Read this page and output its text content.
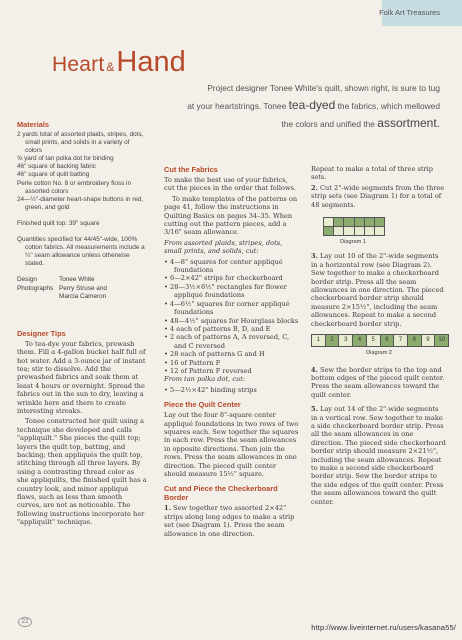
Folk Art Treasures
Heart &Hand
Project designer Tonee White's quilt, shown right, is sure to tug
at your heartstrings. Tonee tea-dyed the fabrics, which mellowed
the colors and unified the assortment.
Materials

2 yards total of assorted plaids, stripes, dots, small prints, and solids in a variety of colors

⅝ yard of tan polka dot for binding

46" square of backing fabric

46" square of quilt batting

Perle cotton No. 8 or embroidery floss in assorted colors

24—½"-diameter heart-shape buttons in red, green, and gold

Finished quilt top: 39" square

Quantities specified for 44/45"-wide, 100% cotton fabrics. All measurements include a ¼" seam allowance unless otherwise stated.

Design	Tonee White
Photographs Perry Struse and
Marcia Cameron
Designer Tips

To tea-dye your fabrics, prewash them. Fill a 4-gallon bucket half full of hot water. Add a 3-ounce jar of instant tea; stir to dissolve. Add the prewashed fabrics and soak them at least 4 hours or overnight. Spread the fabrics out in the sun to dry, leaving a wrinkle here and there to create interesting streaks.

Tonee constructed her quilt using a technique she developed and calls "appliquilt." She pieces the quilt top; layers the quilt top, batting, and backing; then appliqués the quilt top, stitching through all three layers. By using a contrasting thread color as she appliquilts, the finished quilt has a country look, and minor appliqué flaws, such as less than smooth curves, are not as noticeable. The following instructions incorporate her "appliquilt" technique.

Cut the Fabrics

To make the best use of your fabrics, cut the pieces in the order that follows.

To make templates of the patterns on page 41, follow the instructions in Quilting Basics on pages 34–35. When cutting out the pattern pieces, add a 3/16" seam allowance.

From assorted plaids, stripes, dots, small prints, and solids, cut:

• 4—8" squares for center appliqué foundations

• 6—2×42" strips for checkerboard

• 28—3½×6½" rectangles for flower appliqué foundations

• 4—6½" squares for corner appliqué foundations

• 48—4½" squares for Hourglass blocks

• 4 each of patterns B, D, and E

• 2 each of patterns A, A reversed, C, and C reversed

• 28 each of patterns G and H

• 16 of Pattern F

• 12 of Pattern F reversed

From tan polka dot, cut:

• 5—2½×42" binding strips

Piece the Quilt Center

Lay out the four 8"-square center appliqué foundations in two rows of two squares each. Sew together the squares in each row. Press the seam allowances in opposite directions. Then join the rows. Press the seam allowances in one direction. The pieced quilt center should measure 15½" square.

Cut and Piece the Checkerboard Border

1. Sew together two assorted 2×42" strips along long edges to make a strip set (see Diagram 1). Press the seam allowance in one direction.

Repeat to make a total of three strip sets.

2. Cut 2"-wide segments from the three strip sets (see Diagram 1) for a total of 48 segments.

Diagram 1

3. Lay out 10 of the 2"-wide segments in a horizontal row (see Diagram 2). Sew together to make a checkerboard border strip. Press all the seam allowances in one direction. The pieced checkerboard border strip should measure 2×15½", including the seam allowances. Repeat to make a second checkerboard border strip.

1	2	3	4	5	6	7	8	9	10
Diagram 2

4. Sew the border strips to the top and bottom edges of the pieced quilt center. Press the seam allowances toward the quilt center.

5. Lay out 14 of the 2"-wide segments in a vertical row. Sew together to make a side checkerboard border strip. Press all the seam allowances in one direction. The pieced side checkerboard border strip should measure 2×21½", including the seam allowances. Repeat to make a second side checkerboard border strip. Sew the border strips to the side edges of the quilt center. Press the seam allowances toward the quilt center.

22
http://www.liveinternet.ru/users/kasana55/
